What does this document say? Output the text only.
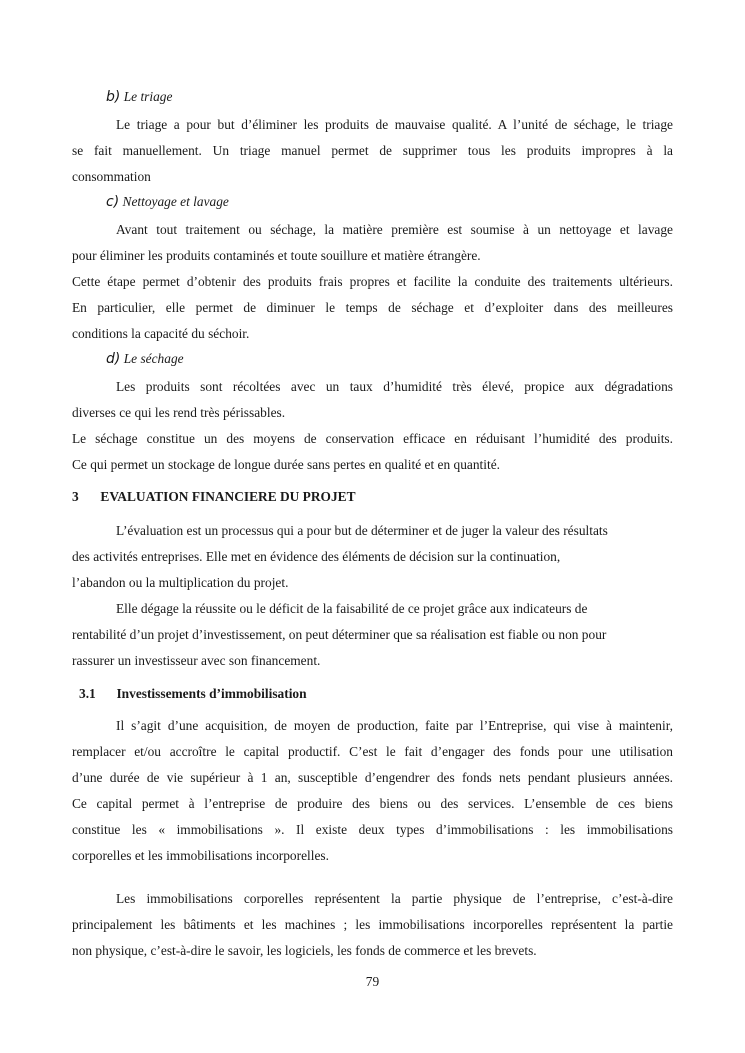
b) Le triage
Le triage a pour but d’éliminer les produits de mauvaise qualité. A l’unité de séchage, le triage
se fait manuellement. Un triage manuel permet de supprimer tous les produits impropres à la
consommation
c) Nettoyage et lavage
Avant tout traitement ou séchage, la matière première est soumise à un nettoyage et lavage
pour éliminer les produits contaminés et toute souillure et matière étrangère.
Cette étape permet d’obtenir des produits frais propres et facilite la conduite des traitements ultérieurs.
En particulier, elle permet de diminuer le temps de séchage et d’exploiter dans des meilleures
conditions la capacité du séchoir.
d) Le séchage
Les produits sont récoltées avec un taux d’humidité très élevé, propice aux dégradations
diverses ce qui les rend très périssables.
Le séchage constitue un des moyens de conservation efficace en réduisant l’humidité des produits.
Ce qui permet un stockage de longue durée sans pertes en qualité et en quantité.
3 EVALUATION FINANCIERE DU PROJET
L’évaluation est un processus qui a pour but de déterminer et de juger la valeur des résultats
des activités entreprises. Elle met en évidence des éléments de décision sur la continuation,
l’abandon ou la multiplication du projet.
Elle dégage la réussite ou le déficit de la faisabilité de ce projet grâce aux indicateurs de
rentabilité d’un projet d’investissement, on peut déterminer que sa réalisation est fiable ou non pour
rassurer un investisseur avec son financement.
3.1 Investissements d’immobilisation
Il s’agit d’une acquisition, de moyen de production, faite par l’Entreprise, qui vise à maintenir,
remplacer et/ou accroître le capital productif. C’est le fait d’engager des fonds pour une utilisation
d’une durée de vie supérieur à 1 an, susceptible d’engendrer des fonds nets pendant plusieurs années.
Ce capital permet à l’entreprise de produire des biens ou des services. L’ensemble de ces biens
constitue les « immobilisations ». Il existe deux types d’immobilisations : les immobilisations
corporelles et les immobilisations incorporelles.
Les immobilisations corporelles représentent la partie physique de l’entreprise, c’est-à-dire
principalement les bâtiments et les machines ; les immobilisations incorporelles représentent la partie
non physique, c’est-à-dire le savoir, les logiciels, les fonds de commerce et les brevets.
79
